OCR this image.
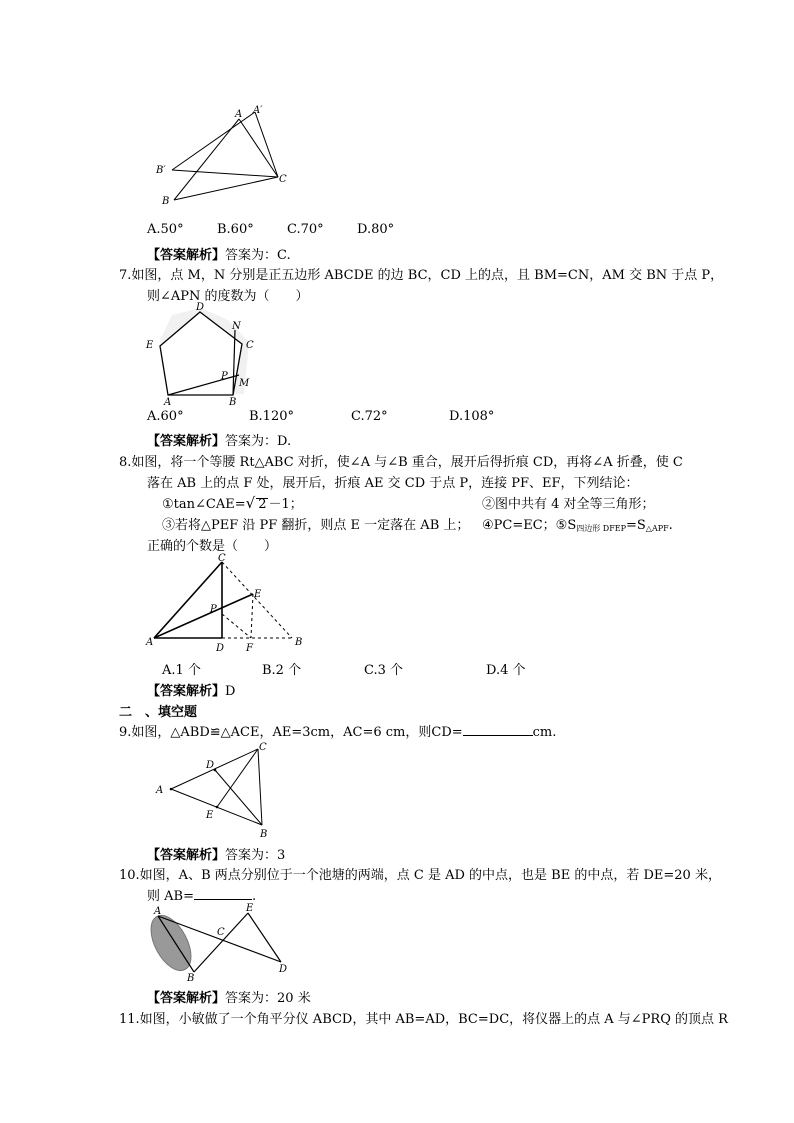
A A′
B′
C
B
A.50°	B.60°	C.70°	D.80°
【答案解析】答案为：C.
7.如图，点 M，N 分别是正五边形 ABCDE 的边 BC，CD 上的点，且 BM=CN，AM 交 BN 于点 P，
则∠APN 的度数为（　　）
D
N
E	C
P
M
A	B
A.60°	B.120°	C.72°	D.108°
【答案解析】答案为：D.
8.如图，将一个等腰 Rt△ABC 对折，使∠A 与∠B 重合，展开后得折痕 CD，再将∠A 折叠，使 C
落在 AB 上的点 F 处，展开后，折痕 AE 交 CD 于点 P，连接 PF、EF，下列结论：
①tan∠CAE=√ 2 －1；	②图中共有 4 对全等三角形；
③若将△PEF 沿 PF 翻折，则点 E 一定落在 AB 上； ④PC=EC；$⑤S_{四边形 DFEP}=S_{\triangle APF}$.
正确的个数是（　　）
C
E
P
A
D F
B
A.1 个	B.2 个	C.3 个	D.4 个
【答案解析】D
二　、填空题
9.如图，△ABD≌△ACE，AE=3cm，AC=6 cm，则CD=	cm.
C
D
A
E
B
【答案解析】答案为：3
10.如图，A、B 两点分别位于一个池塘的两端，点 C 是 AD 的中点，也是 BE 的中点，若 DE=20 米，
则 AB=	.
A	E
C
B
D
【答案解析】答案为：20 米
11.如图，小敏做了一个角平分仪 ABCD，其中 AB=AD，BC=DC，将仪器上的点 A 与∠PRQ 的顶点 R
